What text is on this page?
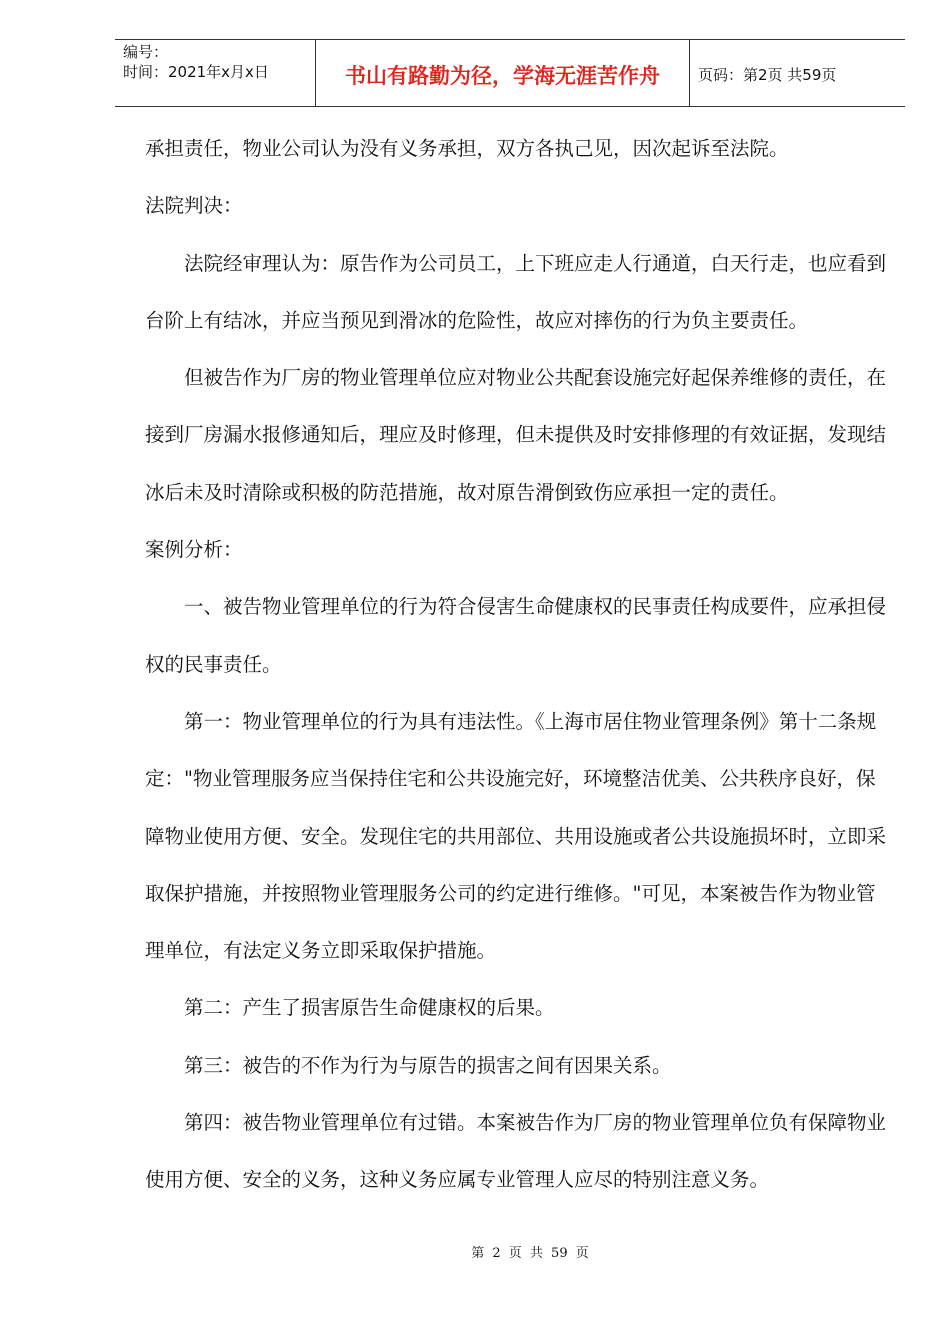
编号：
时间：2021年x月x日	书山有路勤为径，学海无涯苦作舟	页码：第2页 共59页
承担责任，物业公司认为没有义务承担，双方各执己见，因次起诉至法院。
法院判决：
　　法院经审理认为：原告作为公司员工，上下班应走人行通道，白天行走，也应看到
台阶上有结冰，并应当预见到滑冰的危险性，故应对摔伤的行为负主要责任。
　　但被告作为厂房的物业管理单位应对物业公共配套设施完好起保养维修的责任，在
接到厂房漏水报修通知后，理应及时修理，但未提供及时安排修理的有效证据，发现结
冰后未及时清除或积极的防范措施，故对原告滑倒致伤应承担一定的责任。
案例分析：
　　一、被告物业管理单位的行为符合侵害生命健康权的民事责任构成要件，应承担侵
权的民事责任。
　　第一：物业管理单位的行为具有违法性。《上海市居住物业管理条例》第十二条规
定："物业管理服务应当保持住宅和公共设施完好，环境整洁优美、公共秩序良好，保
障物业使用方便、安全。发现住宅的共用部位、共用设施或者公共设施损坏时，立即采
取保护措施，并按照物业管理服务公司的约定进行维修。"可见，本案被告作为物业管
理单位，有法定义务立即采取保护措施。
　　第二：产生了损害原告生命健康权的后果。
　　第三：被告的不作为行为与原告的损害之间有因果关系。
　　第四：被告物业管理单位有过错。本案被告作为厂房的物业管理单位负有保障物业
使用方便、安全的义务，这种义务应属专业管理人应尽的特别注意义务。
第 2 页 共 59 页
